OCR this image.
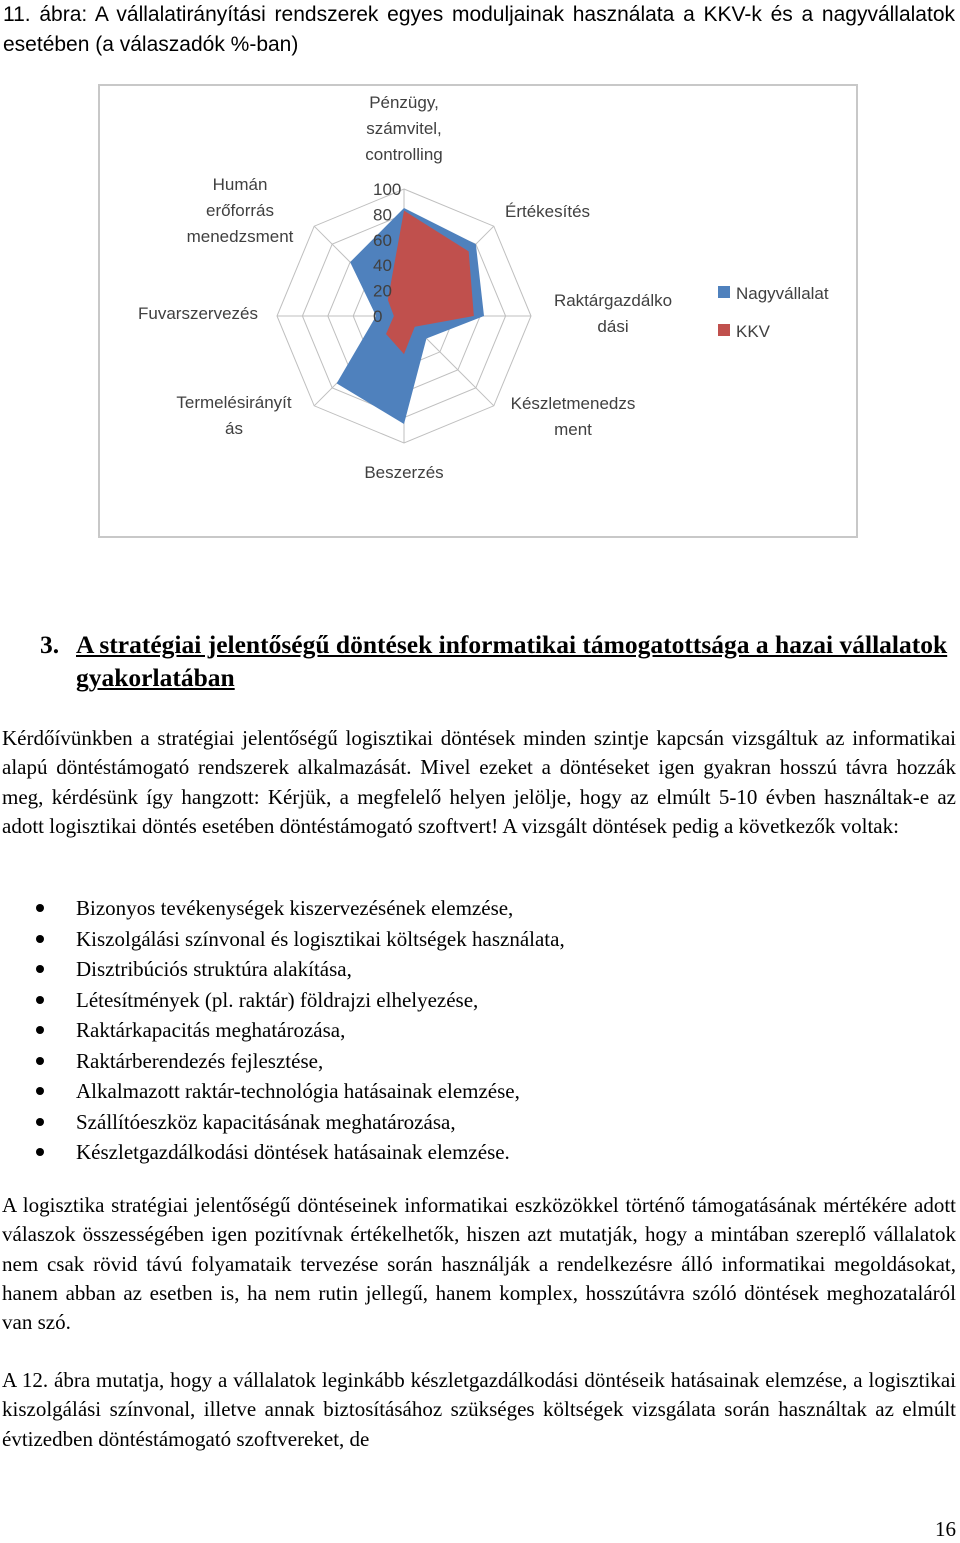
11. ábra: A vállalatirányítási rendszerek egyes moduljainak használata a KKV-k és a nagyvállalatok esetében (a válaszadók %-ban)
0
20
40
60
80
100
Pénzügy,
számvitel,
controlling
Értékesítés
Raktárgazdálko
dási
Készletmenedzs
ment
Beszerzés
Termelésirányít
ás
Fuvarszervezés
Humán
erőforrás
menedzsment
Nagyvállalat
KKV
3. A stratégiai jelentőségű döntések informatikai támogatottsága a hazai vállalatok gyakorlatában

Kérdőívünkben a stratégiai jelentőségű logisztikai döntések minden szintje kapcsán vizsgáltuk az informatikai alapú döntéstámogató rendszerek alkalmazását. Mivel ezeket a döntéseket igen gyakran hosszú távra hozzák meg, kérdésünk így hangzott: Kérjük, a megfelelő helyen jelölje, hogy az elmúlt 5-10 évben használtak-e az adott logisztikai döntés esetében döntéstámogató szoftvert! A vizsgált döntések pedig a következők voltak:

Bizonyos tevékenységek kiszervezésének elemzése,
Kiszolgálási színvonal és logisztikai költségek használata,
Disztribúciós struktúra alakítása,
Létesítmények (pl. raktár) földrajzi elhelyezése,
Raktárkapacitás meghatározása,
Raktárberendezés fejlesztése,
Alkalmazott raktár-technológia hatásainak elemzése,
Szállítóeszköz kapacitásának meghatározása,
Készletgazdálkodási döntések hatásainak elemzése.

A logisztika stratégiai jelentőségű döntéseinek informatikai eszközökkel történő támogatásának mértékére adott válaszok összességében igen pozitívnak értékelhetők, hiszen azt mutatják, hogy a mintában szereplő vállalatok nem csak rövid távú folyamataik tervezése során használják a rendelkezésre álló informatikai megoldásokat, hanem abban az esetben is, ha nem rutin jellegű, hanem komplex, hosszútávra szóló döntések meghozataláról van szó.

A 12. ábra mutatja, hogy a vállalatok leginkább készletgazdálkodási döntéseik hatásainak elemzése, a logisztikai kiszolgálási színvonal, illetve annak biztosításához szükséges költségek vizsgálata során használtak az elmúlt évtizedben döntéstámogató szoftvereket, de

16
